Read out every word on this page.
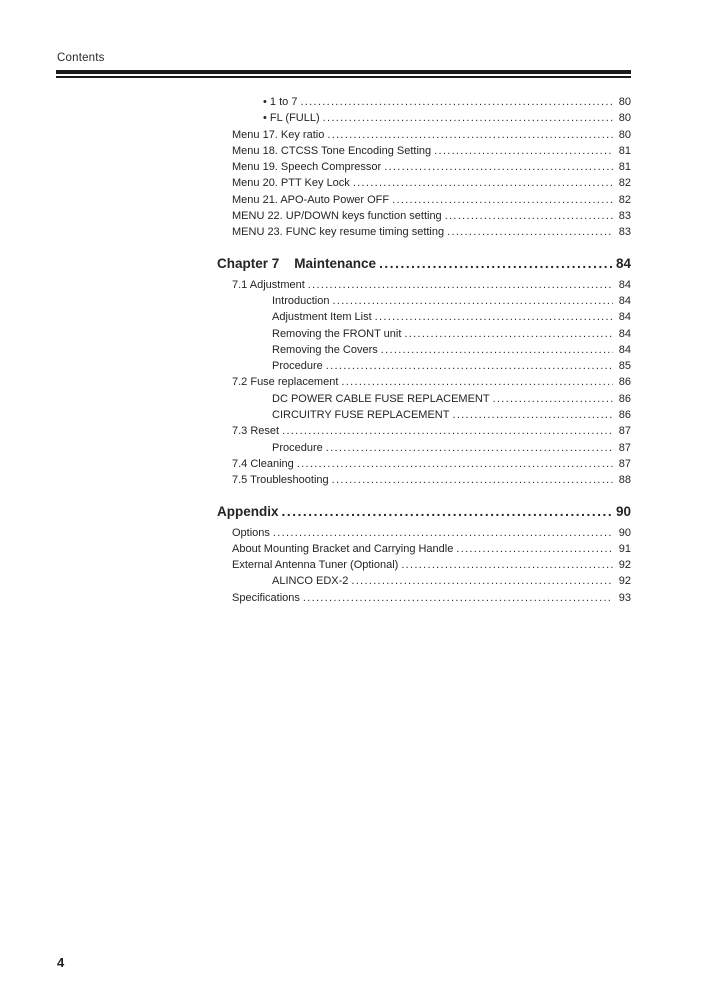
Contents
• 1 to 7 .....	80
• FL (FULL) .....	80
Menu 17. Key ratio .....	80
Menu 18. CTCSS Tone Encoding Setting .....	81
Menu 19. Speech Compressor .....	81
Menu 20. PTT Key Lock .....	82
Menu 21. APO-Auto Power OFF .....	82
MENU 22. UP/DOWN keys function setting .....	83
MENU 23. FUNC key resume timing setting .....	83
Chapter 7 Maintenance .....	84
7.1 Adjustment .....	84
Introduction .....	84
Adjustment Item List .....	84
Removing the FRONT unit .....	84
Removing the Covers .....	84
Procedure .....	85
7.2 Fuse replacement .....	86
DC POWER CABLE FUSE REPLACEMENT .....	86
CIRCUITRY FUSE REPLACEMENT .....	86
7.3 Reset .....	87
Procedure .....	87
7.4 Cleaning .....	87
7.5 Troubleshooting .....	88
Appendix .....	90
Options .....	90
About Mounting Bracket and Carrying Handle .....	91
External Antenna Tuner (Optional) .....	92
ALINCO EDX-2 .....	92
Specifications .....	93
4
